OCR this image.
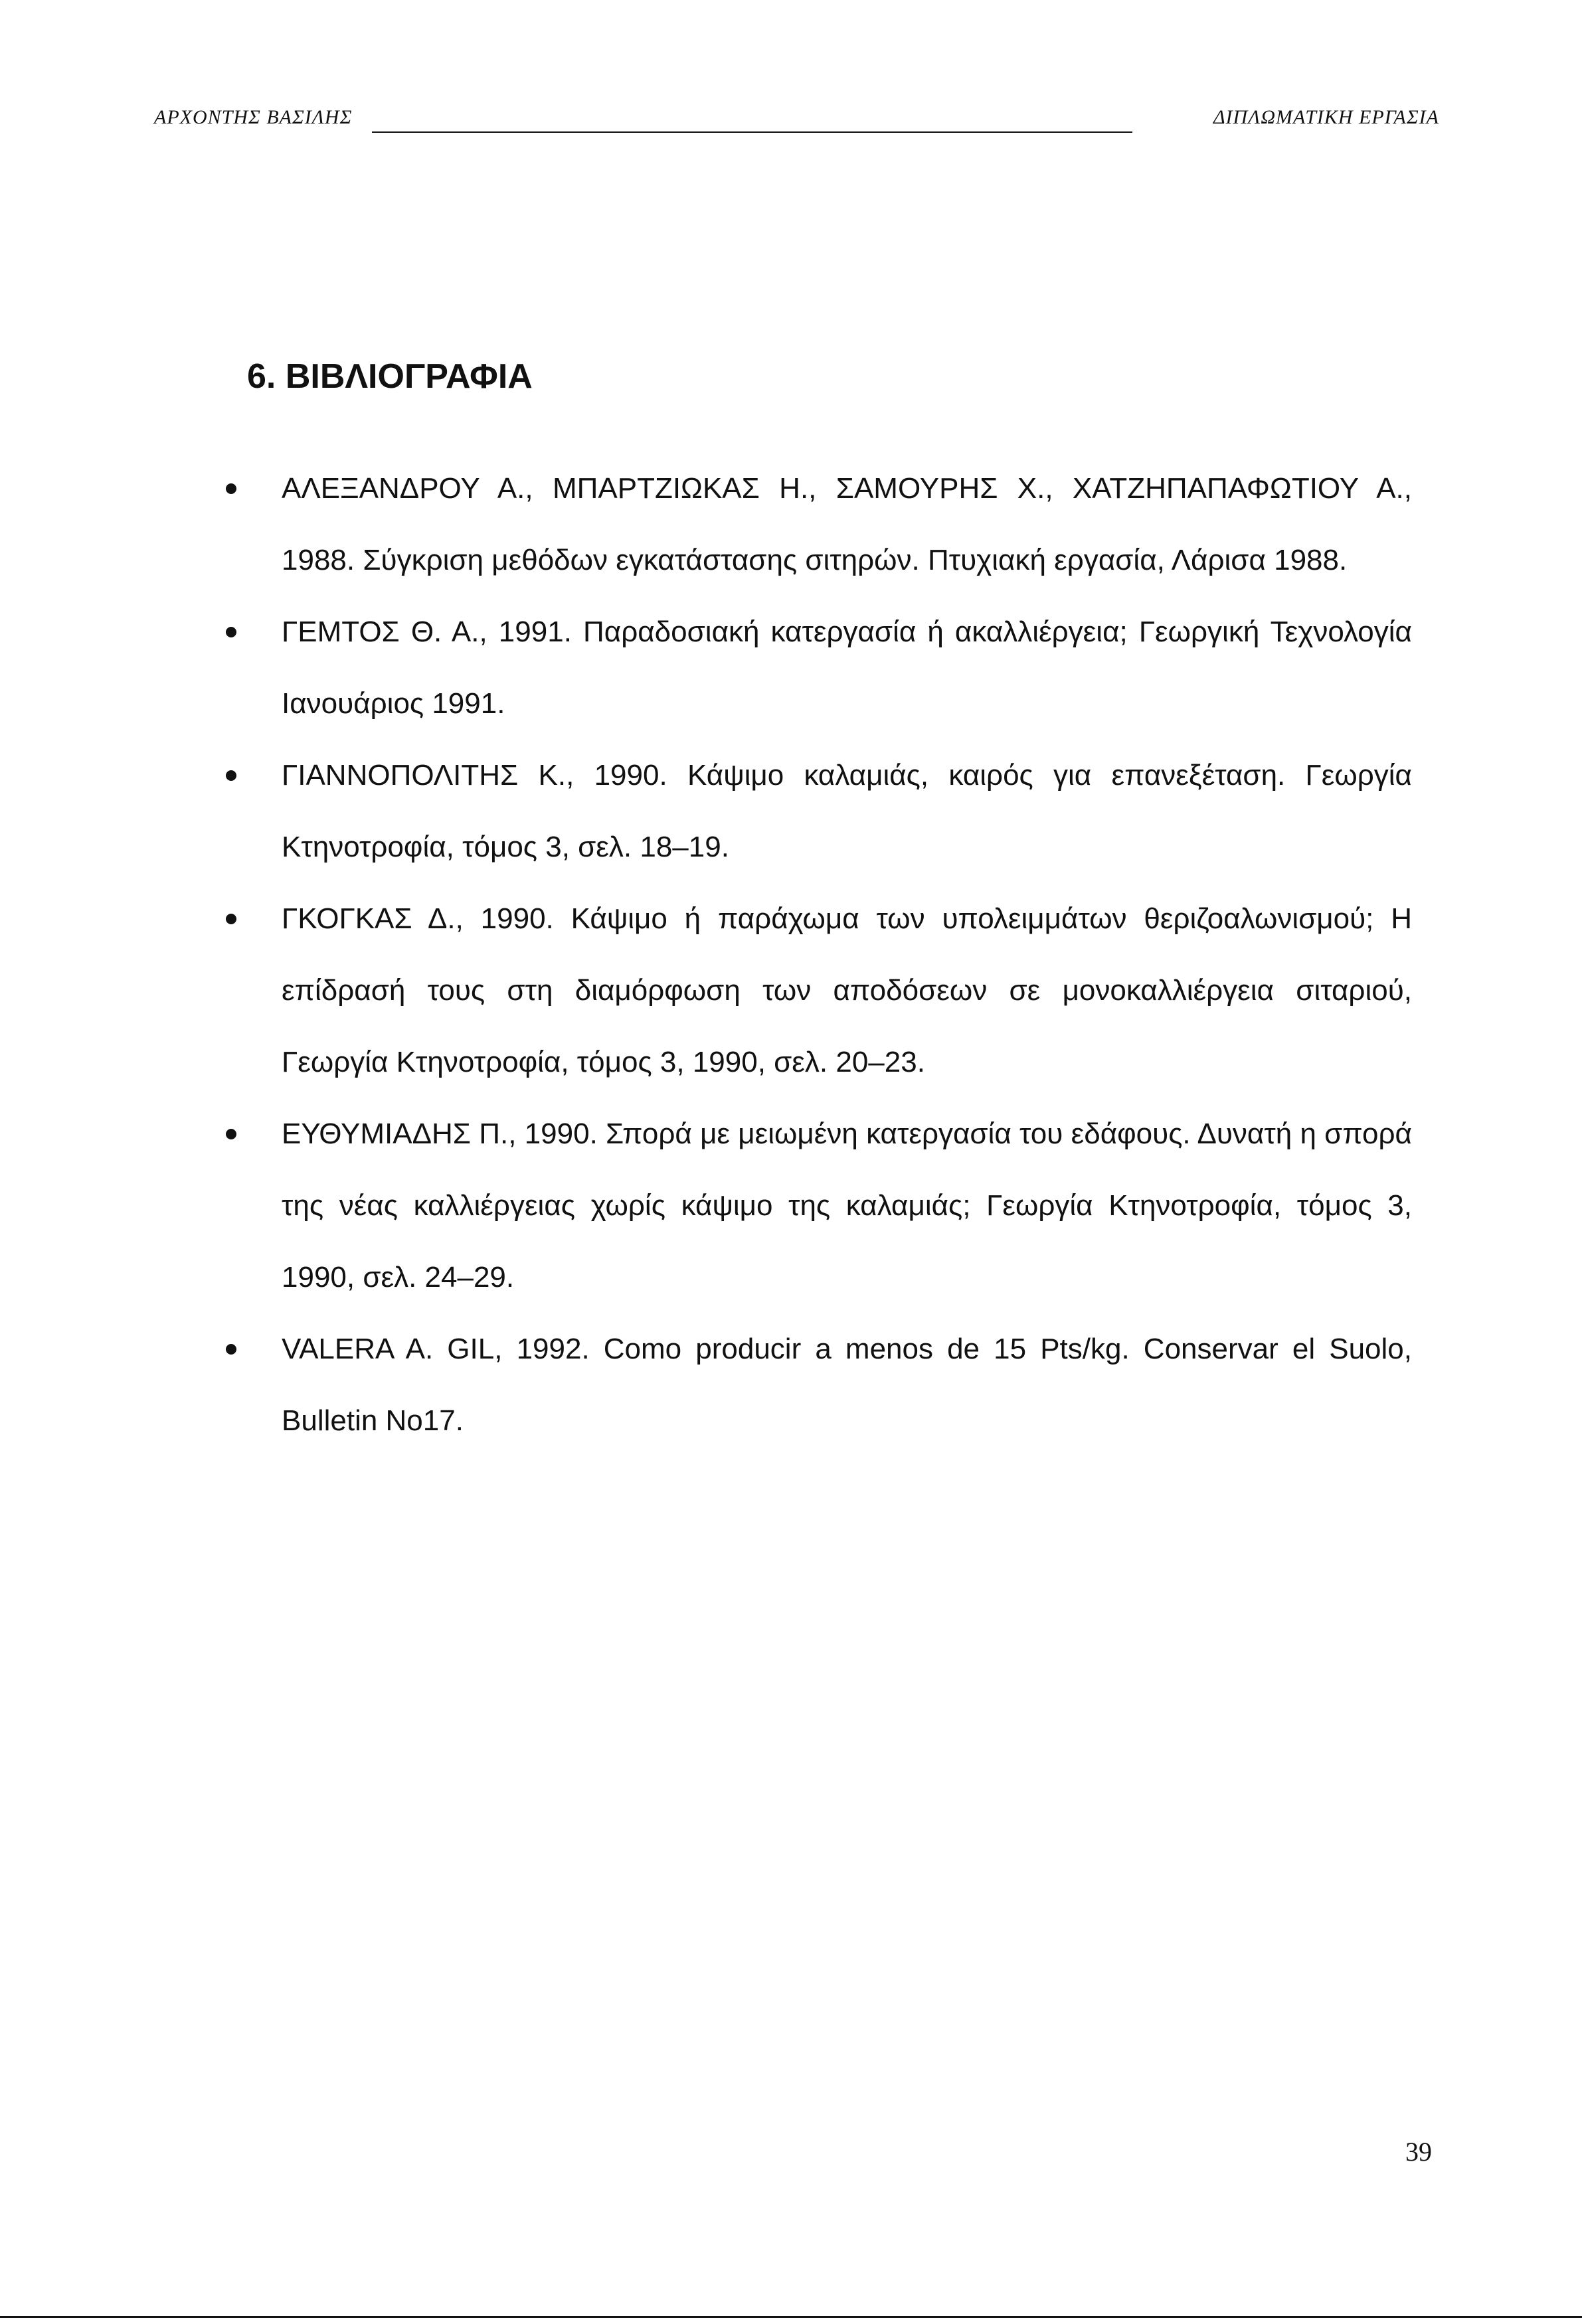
ΑΡΧΟΝΤΗΣ ΒΑΣΙΛΗΣ	ΔΙΠΛΩΜΑΤΙΚΗ ΕΡΓΑΣΙΑ
6. ΒΙΒΛΙΟΓΡΑΦΙΑ
ΑΛΕΞΑΝΔΡΟΥ Α., ΜΠΑΡΤΖΙΩΚΑΣ Η., ΣΑΜΟΥΡΗΣ Χ., ΧΑΤΖΗΠΑΠΑΦΩΤΙΟΥ Α., 1988. Σύγκριση μεθόδων εγκατάστασης σιτηρών. Πτυχιακή εργασία, Λάρισα 1988.
ΓΕΜΤΟΣ Θ. Α., 1991. Παραδοσιακή κατεργασία ή ακαλλιέργεια; Γεωργική Τεχνολογία Ιανουάριος 1991.
ΓΙΑΝΝΟΠΟΛΙΤΗΣ Κ., 1990. Κάψιμο καλαμιάς, καιρός για επανεξέταση. Γεωργία Κτηνοτροφία, τόμος 3, σελ. 18–19.
ΓΚΟΓΚΑΣ Δ., 1990. Κάψιμο ή παράχωμα των υπολειμμάτων θεριζοαλωνισμού; Η επίδρασή τους στη διαμόρφωση των αποδόσεων σε μονοκαλλιέργεια σιταριού, Γεωργία Κτηνοτροφία, τόμος 3, 1990, σελ. 20–23.
ΕΥΘΥΜΙΑΔΗΣ Π., 1990. Σπορά με μειωμένη κατεργασία του εδάφους. Δυνατή η σπορά της νέας καλλιέργειας χωρίς κάψιμο της καλαμιάς; Γεωργία Κτηνοτροφία, τόμος 3, 1990, σελ. 24–29.
VALERA A. GIL, 1992. Como producir a menos de 15 Pts/kg. Conservar el Suolo, Bulletin No17.
39
